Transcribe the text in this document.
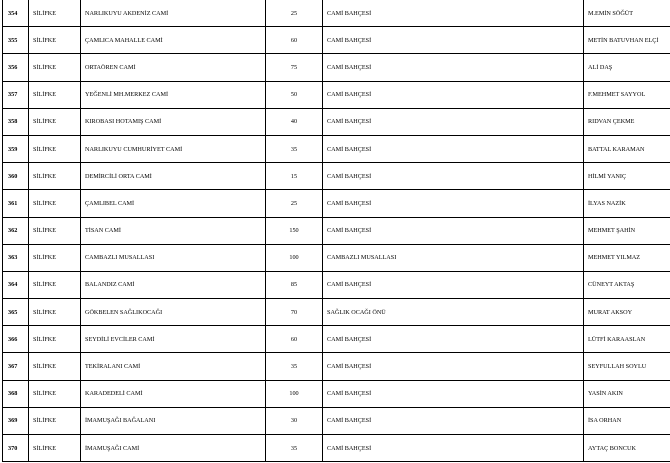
354	SİLİFKE	NARLIKUYU AKDENİZ CAMİ	25	CAMİ BAHÇESİ	M.EMİN SÖĞÜT
355	SİLİFKE	ÇAMLICA MAHALLE CAMİ	60	CAMİ BAHÇESİ	METİN BATUVHAN ELÇİ
356	SİLİFKE	ORTAÖREN CAMİ	75	CAMİ BAHÇESİ	ALİ DAŞ
357	SİLİFKE	YEĞENLİ MH.MERKEZ CAMİ	50	CAMİ BAHÇESİ	F.MEHMET SAYYOL
358	SİLİFKE	KIROBASI HOTAMIŞ CAMİ	40	CAMİ BAHÇESİ	RIDVAN ÇEKME
359	SİLİFKE	NARLIKUYU CUMHURİYET CAMİ	35	CAMİ BAHÇESİ	BATTAL KARAMAN
360	SİLİFKE	DEMİRCİLİ ORTA CAMİ	15	CAMİ BAHÇESİ	HİLMİ YANIÇ
361	SİLİFKE	ÇAMLIBEL CAMİ	25	CAMİ BAHÇESİ	İLYAS NAZİK
362	SİLİFKE	TİSAN CAMİ	150	CAMİ BAHÇESİ	MEHMET ŞAHİN
363	SİLİFKE	CAMBAZLI MUSALLASI	100	CAMBAZLI MUSALLASI	MEHMET YILMAZ
364	SİLİFKE	BALANDIZ CAMİ	85	CAMİ BAHÇESİ	CÜNEYT AKTAŞ
365	SİLİFKE	GÖKBELEN SAĞLIKOCAĞI	70	SAĞLIK OCAĞI ÖNÜ	MURAT AKSOY
366	SİLİFKE	SEYDİLİ EVCİLER CAMİ	60	CAMİ BAHÇESİ	LÜTFİ KARAASLAN
367	SİLİFKE	TEKİRALANI CAMİ	35	CAMİ BAHÇESİ	SEYFULLAH SOYLU
368	SİLİFKE	KARADEDELİ CAMİ	100	CAMİ BAHÇESİ	YASİN AKIN
369	SİLİFKE	İMAMUŞAĞI BAĞALANI	30	CAMİ BAHÇESİ	İSA ORHAN
370	SİLİFKE	İMAMUŞAĞI CAMİ	35	CAMİ BAHÇESİ	AYTAÇ BONCUK
